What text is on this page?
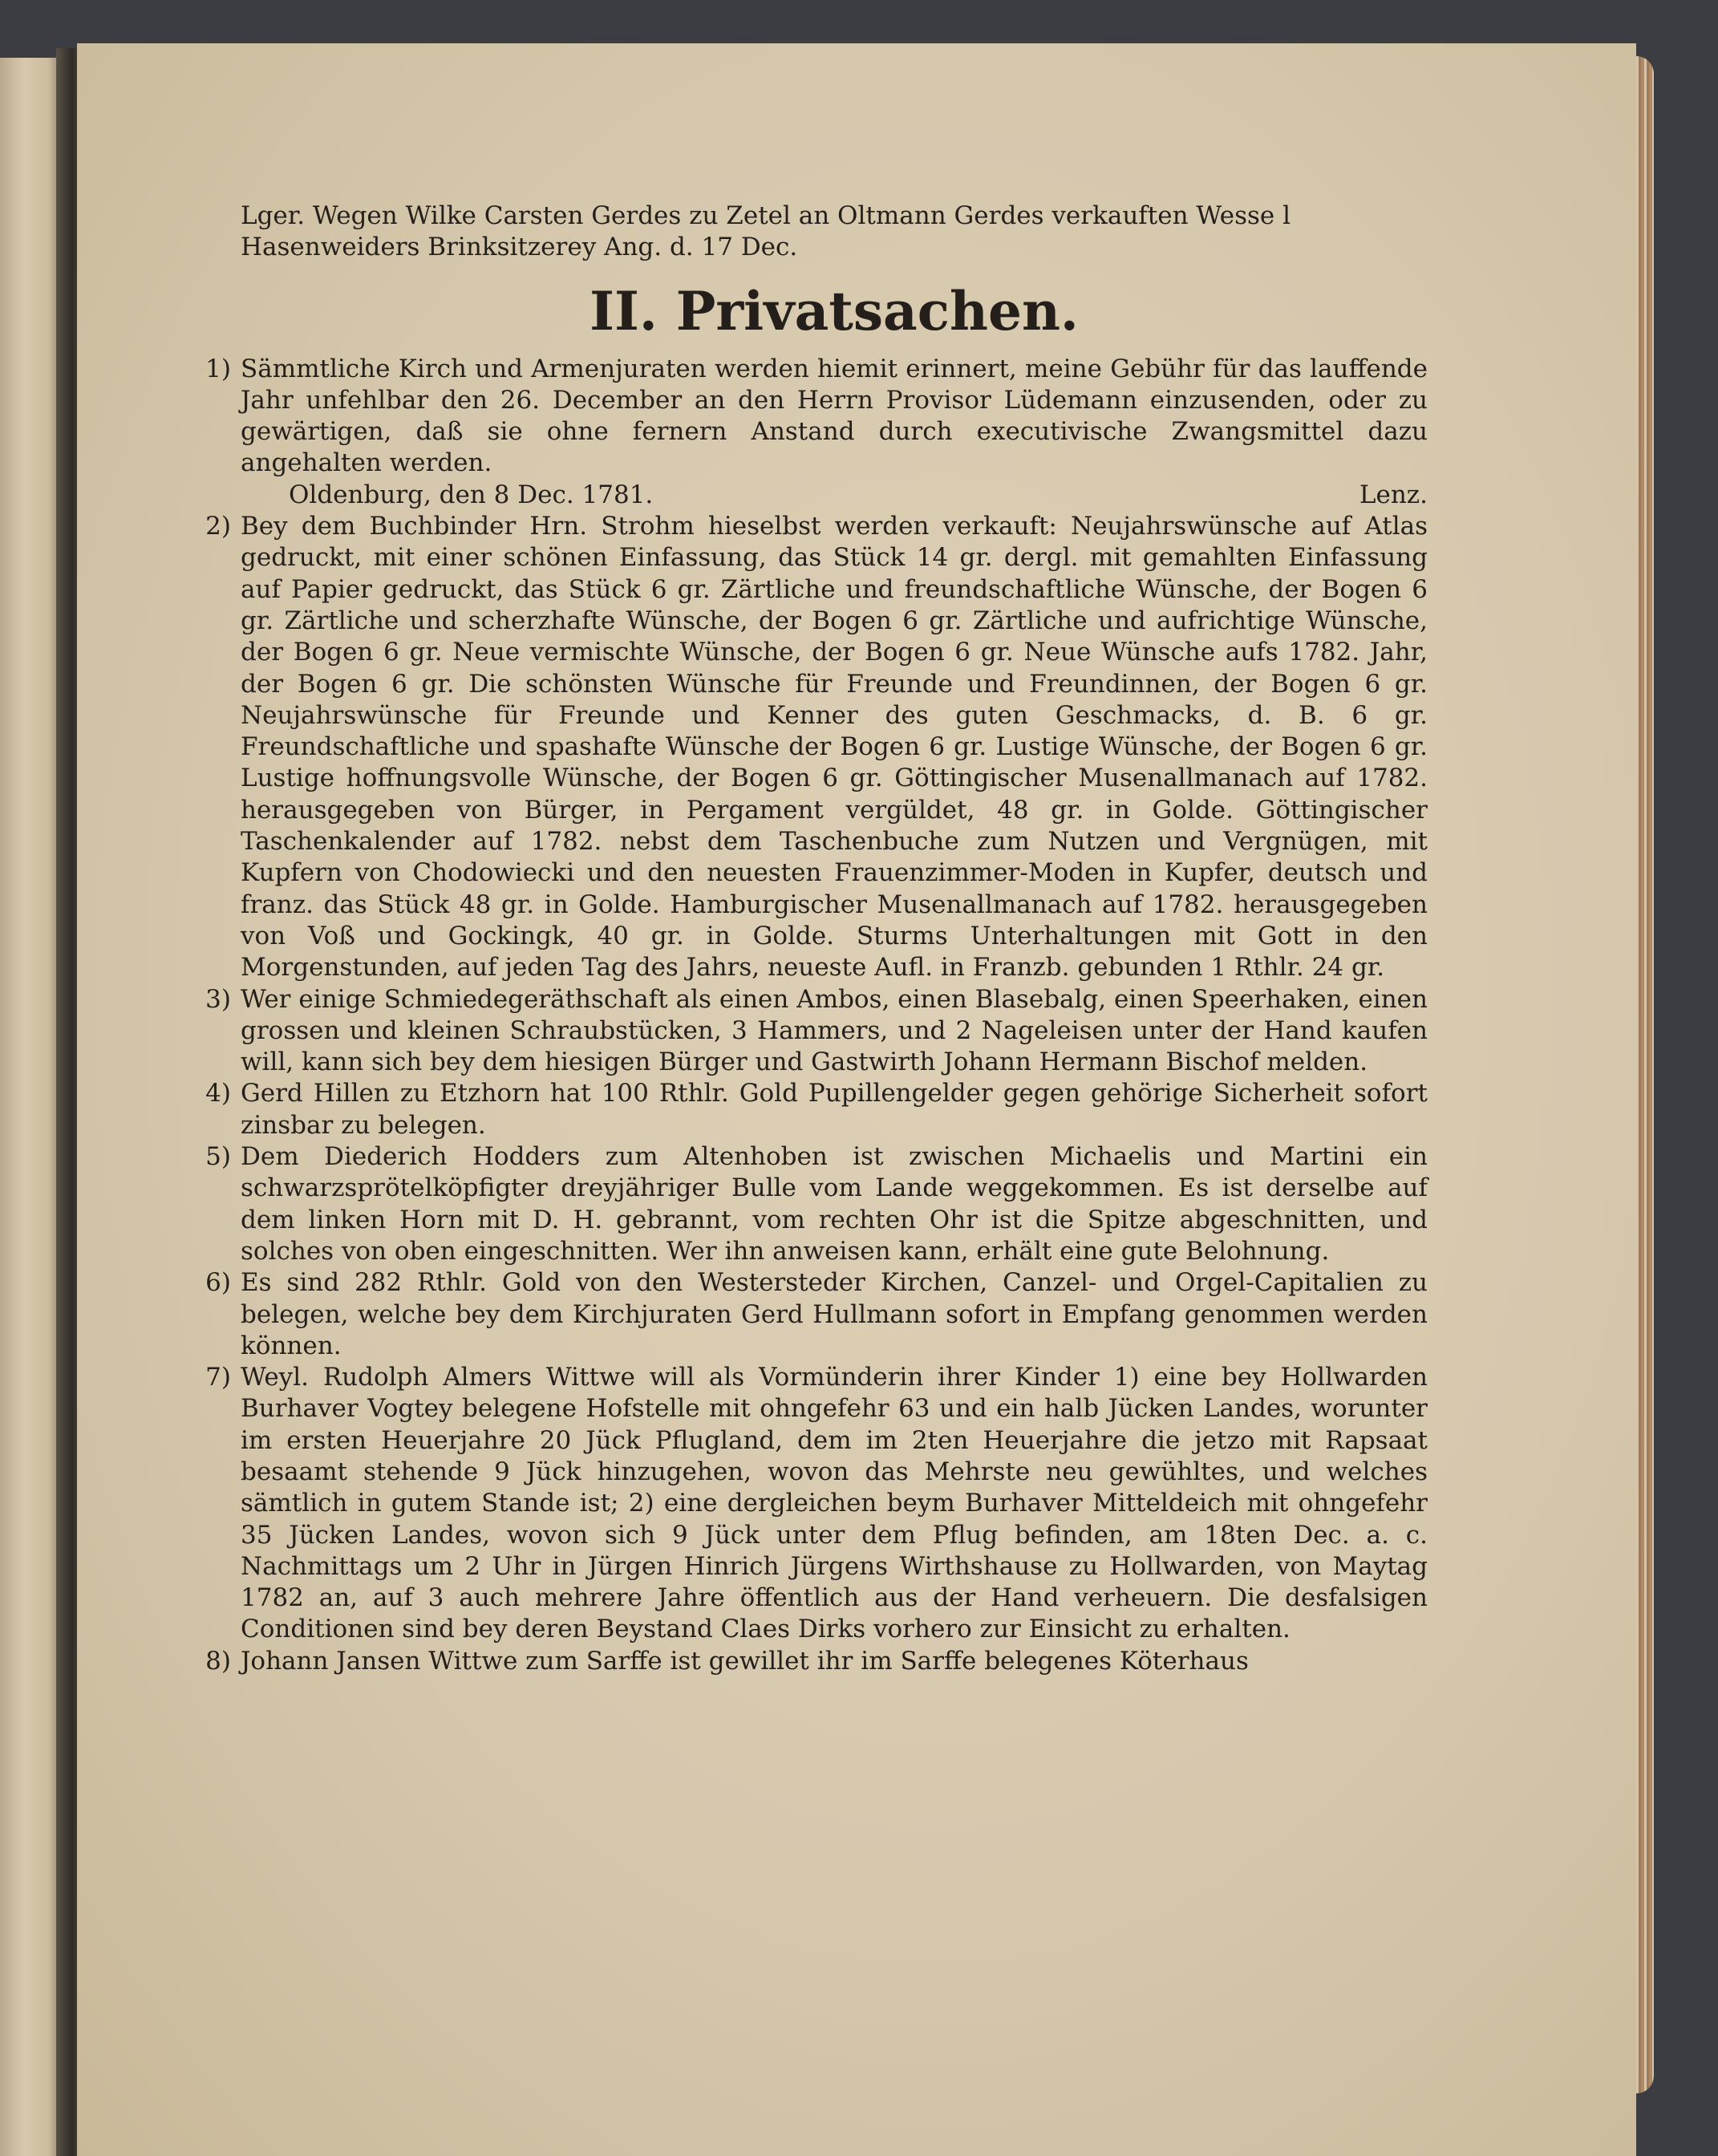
Lger. Wegen Wilke Carsten Gerdes zu Zetel an Oltmann Gerdes verkauften Wesse l

Hasenweiders Brinksitzerey Ang. d. 17 Dec.

II. Privatsachen.
1) Sämmtliche Kirch und Armenjuraten werden hiemit erinnert, meine Gebühr für das lauffende Jahr unfehlbar den 26. December an den Herrn Provisor Lüdemann einzusenden, oder zu gewärtigen, daß sie ohne fernern Anstand durch executivische Zwangsmittel dazu angehalten werden.

Oldenburg, den 8 Dec. 1781.	Lenz.
2) Bey dem Buchbinder Hrn. Strohm hieselbst werden verkauft: Neujahrswünsche auf Atlas gedruckt, mit einer schönen Einfassung, das Stück 14 gr. dergl. mit gemahlten Einfassung auf Papier gedruckt, das Stück 6 gr. Zärtliche und freundschaftliche Wünsche, der Bogen 6 gr. Zärtliche und scherzhafte Wünsche, der Bogen 6 gr. Zärtliche und aufrichtige Wünsche, der Bogen 6 gr. Neue vermischte Wünsche, der Bogen 6 gr. Neue Wünsche aufs 1782. Jahr, der Bogen 6 gr. Die schönsten Wünsche für Freunde und Freundinnen, der Bogen 6 gr. Neujahrswünsche für Freunde und Kenner des guten Geschmacks, d. B. 6 gr. Freundschaftliche und spashafte Wünsche der Bogen 6 gr. Lustige Wünsche, der Bogen 6 gr. Lustige hoffnungsvolle Wünsche, der Bogen 6 gr. Göttingischer Musenallmanach auf 1782. herausgegeben von Bürger, in Pergament vergüldet, 48 gr. in Golde. Göttingischer Taschenkalender auf 1782. nebst dem Taschenbuche zum Nutzen und Vergnügen, mit Kupfern von Chodowiecki und den neuesten Frauenzimmer-Moden in Kupfer, deutsch und franz. das Stück 48 gr. in Golde. Hamburgischer Musenallmanach auf 1782. herausgegeben von Voß und Gockingk, 40 gr. in Golde. Sturms Unterhaltungen mit Gott in den Morgenstunden, auf jeden Tag des Jahrs, neueste Aufl. in Franzb. gebunden 1 Rthlr. 24 gr.

3) Wer einige Schmiedegeräthschaft als einen Ambos, einen Blasebalg, einen Speerhaken, einen grossen und kleinen Schraubstücken, 3 Hammers, und 2 Nageleisen unter der Hand kaufen will, kann sich bey dem hiesigen Bürger und Gastwirth Johann Hermann Bischof melden.

4) Gerd Hillen zu Etzhorn hat 100 Rthlr. Gold Pupillengelder gegen gehörige Sicherheit sofort zinsbar zu belegen.

5) Dem Diederich Hodders zum Altenhoben ist zwischen Michaelis und Martini ein schwarzsprötelköpfigter dreyjähriger Bulle vom Lande weggekommen. Es ist derselbe auf dem linken Horn mit D. H. gebrannt, vom rechten Ohr ist die Spitze abgeschnitten, und solches von oben eingeschnitten. Wer ihn anweisen kann, erhält eine gute Belohnung.

6) Es sind 282 Rthlr. Gold von den Westersteder Kirchen, Canzel- und Orgel-Capitalien zu belegen, welche bey dem Kirchjuraten Gerd Hullmann sofort in Empfang genommen werden können.

7) Weyl. Rudolph Almers Wittwe will als Vormünderin ihrer Kinder 1) eine bey Hollwarden Burhaver Vogtey belegene Hofstelle mit ohngefehr 63 und ein halb Jücken Landes, worunter im ersten Heuerjahre 20 Jück Pflugland, dem im 2ten Heuerjahre die jetzo mit Rapsaat besaamt stehende 9 Jück hinzugehen, wovon das Mehrste neu gewühltes, und welches sämtlich in gutem Stande ist; 2) eine dergleichen beym Burhaver Mitteldeich mit ohngefehr 35 Jücken Landes, wovon sich 9 Jück unter dem Pflug befinden, am 18ten Dec. a. c. Nachmittags um 2 Uhr in Jürgen Hinrich Jürgens Wirthshause zu Hollwarden, von Maytag 1782 an, auf 3 auch mehrere Jahre öffentlich aus der Hand verheuern. Die desfalsigen Conditionen sind bey deren Beystand Claes Dirks vorhero zur Einsicht zu erhalten.

8) Johann Jansen Wittwe zum Sarffe ist gewillet ihr im Sarffe belegenes Köterhaus
